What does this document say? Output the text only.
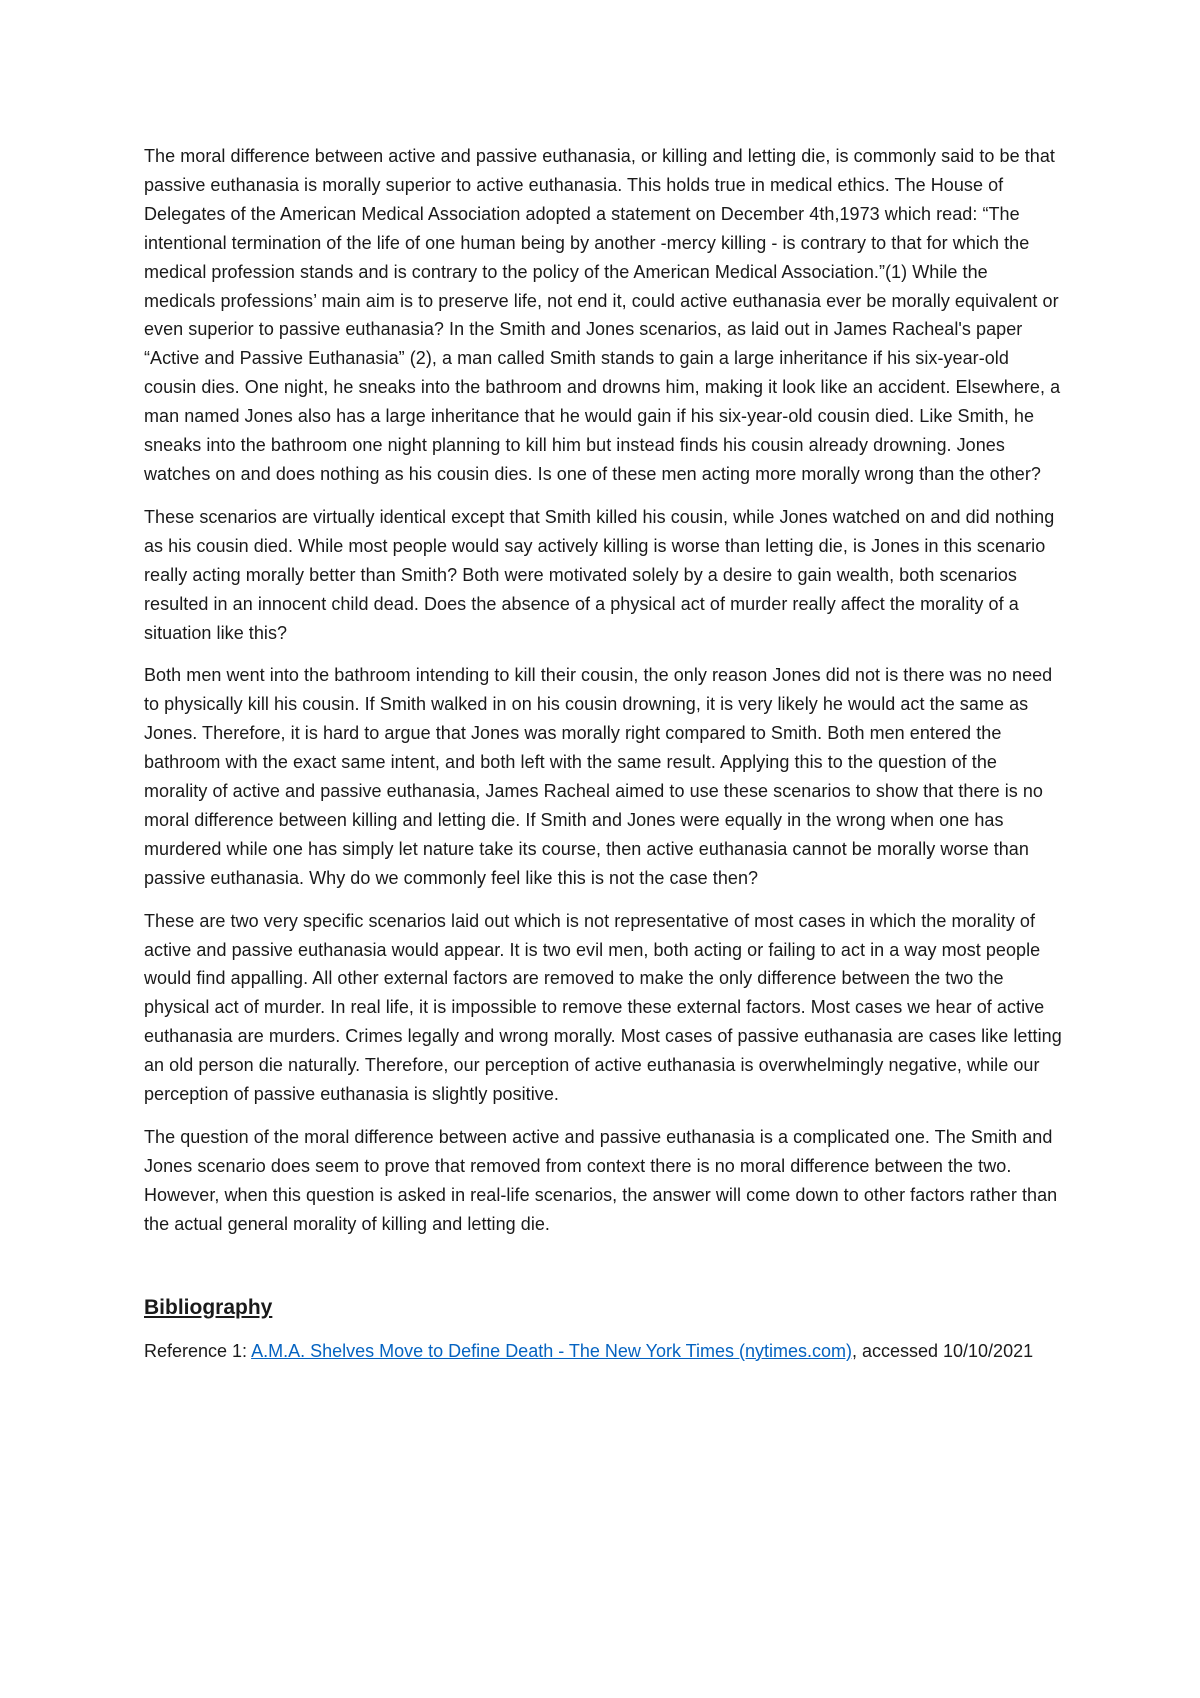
The moral difference between active and passive euthanasia, or killing and letting die, is commonly said to be that passive euthanasia is morally superior to active euthanasia. This holds true in medical ethics. The House of Delegates of the American Medical Association adopted a statement on December 4th,1973 which read: “The intentional termination of the life of one human being by another -mercy killing - is contrary to that for which the medical profession stands and is contrary to the policy of the American Medical Association.”(1) While the medicals professions’ main aim is to preserve life, not end it, could active euthanasia ever be morally equivalent or even superior to passive euthanasia? In the Smith and Jones scenarios, as laid out in James Racheal's paper “Active and Passive Euthanasia” (2), a man called Smith stands to gain a large inheritance if his six-year-old cousin dies. One night, he sneaks into the bathroom and drowns him, making it look like an accident. Elsewhere, a man named Jones also has a large inheritance that he would gain if his six-year-old cousin died. Like Smith, he sneaks into the bathroom one night planning to kill him but instead finds his cousin already drowning. Jones watches on and does nothing as his cousin dies. Is one of these men acting more morally wrong than the other?

These scenarios are virtually identical except that Smith killed his cousin, while Jones watched on and did nothing as his cousin died. While most people would say actively killing is worse than letting die, is Jones in this scenario really acting morally better than Smith? Both were motivated solely by a desire to gain wealth, both scenarios resulted in an innocent child dead. Does the absence of a physical act of murder really affect the morality of a situation like this?

Both men went into the bathroom intending to kill their cousin, the only reason Jones did not is there was no need to physically kill his cousin. If Smith walked in on his cousin drowning, it is very likely he would act the same as Jones. Therefore, it is hard to argue that Jones was morally right compared to Smith. Both men entered the bathroom with the exact same intent, and both left with the same result. Applying this to the question of the morality of active and passive euthanasia, James Racheal aimed to use these scenarios to show that there is no moral difference between killing and letting die. If Smith and Jones were equally in the wrong when one has murdered while one has simply let nature take its course, then active euthanasia cannot be morally worse than passive euthanasia. Why do we commonly feel like this is not the case then?

These are two very specific scenarios laid out which is not representative of most cases in which the morality of active and passive euthanasia would appear. It is two evil men, both acting or failing to act in a way most people would find appalling. All other external factors are removed to make the only difference between the two the physical act of murder. In real life, it is impossible to remove these external factors. Most cases we hear of active euthanasia are murders. Crimes legally and wrong morally. Most cases of passive euthanasia are cases like letting an old person die naturally. Therefore, our perception of active euthanasia is overwhelmingly negative, while our perception of passive euthanasia is slightly positive.

The question of the moral difference between active and passive euthanasia is a complicated one. The Smith and Jones scenario does seem to prove that removed from context there is no moral difference between the two. However, when this question is asked in real-life scenarios, the answer will come down to other factors rather than the actual general morality of killing and letting die.

Bibliography

Reference 1: A.M.A. Shelves Move to Define Death - The New York Times (nytimes.com), accessed 10/10/2021
